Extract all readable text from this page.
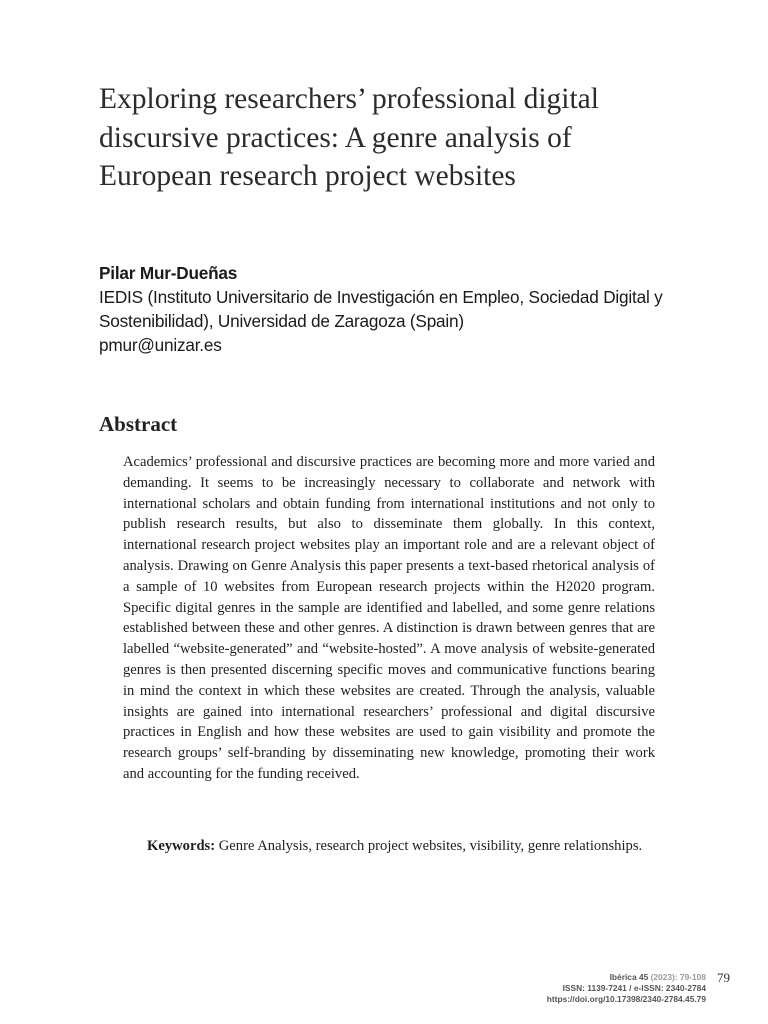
Exploring researchers’ professional digital discursive practices: A genre analysis of European research project websites
Pilar Mur-Dueñas
IEDIS (Instituto Universitario de Investigación en Empleo, Sociedad Digital y Sostenibilidad), Universidad de Zaragoza (Spain)
pmur@unizar.es
Abstract

Academics’ professional and discursive practices are becoming more and more varied and demanding. It seems to be increasingly necessary to collaborate and network with international scholars and obtain funding from international institutions and not only to publish research results, but also to disseminate them globally. In this context, international research project websites play an important role and are a relevant object of analysis. Drawing on Genre Analysis this paper presents a text-based rhetorical analysis of a sample of 10 websites from European research projects within the H2020 program. Specific digital genres in the sample are identified and labelled, and some genre relations established between these and other genres. A distinction is drawn between genres that are labelled “website-generated” and “website-hosted”. A move analysis of website-generated genres is then presented discerning specific moves and communicative functions bearing in mind the context in which these websites are created. Through the analysis, valuable insights are gained into international researchers’ professional and digital discursive practices in English and how these websites are used to gain visibility and promote the research groups’ self-branding by disseminating new knowledge, promoting their work and accounting for the funding received.

Keywords: Genre Analysis, research project websites, visibility, genre relationships.

Ibérica 45 (2023): 79-108
ISSN: 1139-7241 / e-ISSN: 2340-2784
https://doi.org/10.17398/2340-2784.45.79
79
